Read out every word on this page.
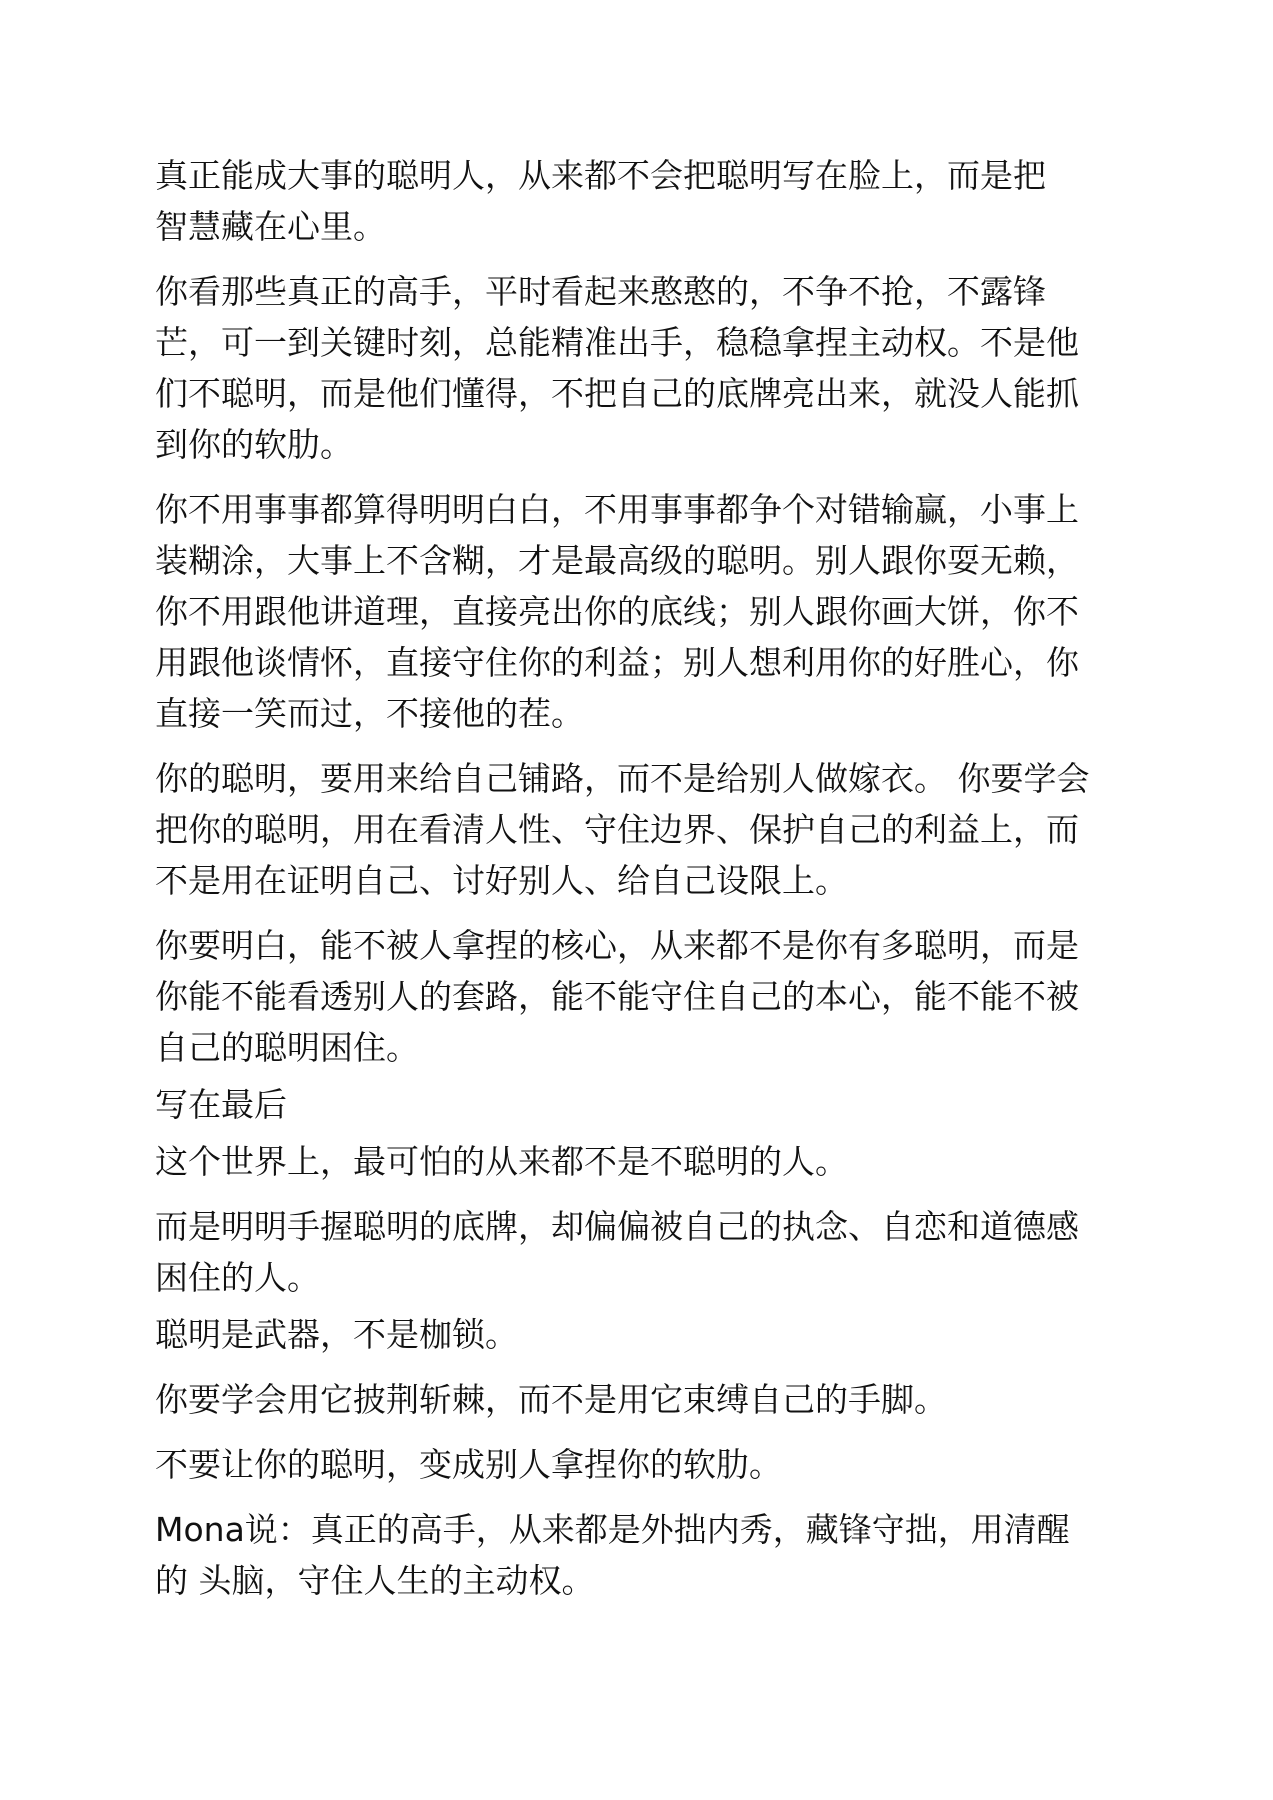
真正能成大事的聪明人，从来都不会把聪明写在脸上，而是把
智慧藏在心里。

你看那些真正的高手，平时看起来憨憨的，不争不抢，不露锋
芒，可一到关键时刻，总能精准出手，稳稳拿捏主动权。不是他
们不聪明，而是他们懂得，不把自己的底牌亮出来，就没人能抓
到你的软肋。

你不用事事都算得明明白白，不用事事都争个对错输赢，小事上
装糊涂，大事上不含糊，才是最高级的聪明。别人跟你耍无赖，
你不用跟他讲道理，直接亮出你的底线；别人跟你画大饼，你不
用跟他谈情怀，直接守住你的利益；别人想利用你的好胜心，你
直接一笑而过，不接他的茬。

你的聪明，要用来给自己铺路，而不是给别人做嫁衣。 你要学会
把你的聪明，用在看清人性、守住边界、保护自己的利益上，而
不是用在证明自己、讨好别人、给自己设限上。

你要明白，能不被人拿捏的核心，从来都不是你有多聪明，而是
你能不能看透别人的套路，能不能守住自己的本心，能不能不被
自己的聪明困住。

写在最后

这个世界上，最可怕的从来都不是不聪明的人。

而是明明手握聪明的底牌，却偏偏被自己的执念、自恋和道德感
困住的人。

聪明是武器，不是枷锁。

你要学会用它披荆斩棘，而不是用它束缚自己的手脚。

不要让你的聪明，变成别人拿捏你的软肋。

Mona说：真正的高手，从来都是外拙内秀，藏锋守拙，用清醒
的 头脑，守住人生的主动权。
